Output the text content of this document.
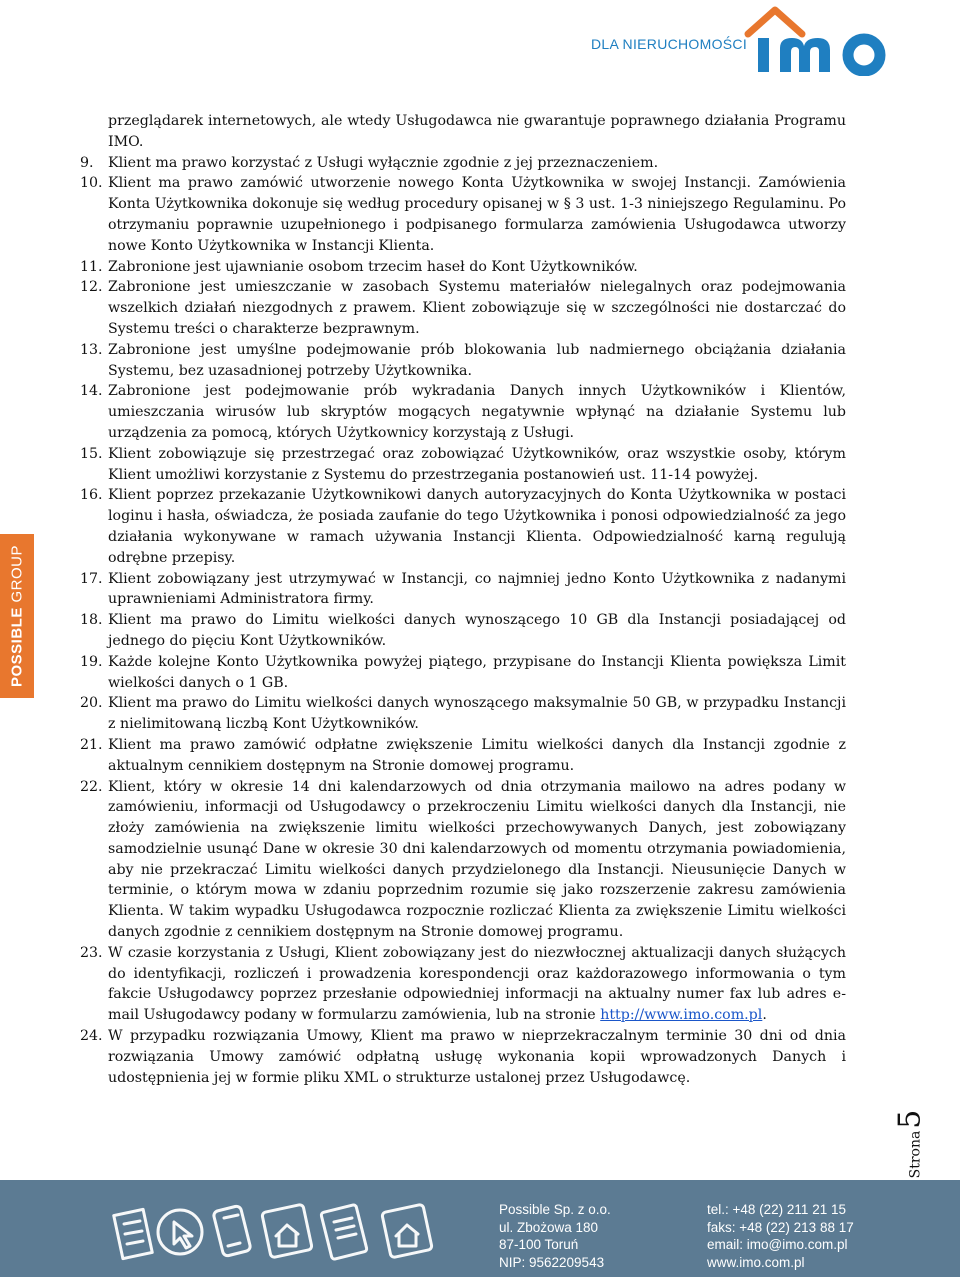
DLA NIERUCHOMOŚCI
POSSIBLE GROUP

przeglądarek internetowych, ale wtedy Usługodawca nie gwarantuje poprawnego działania Programu IMO.

9.	Klient ma prawo korzystać z Usługi wyłącznie zgodnie z jej przeznaczeniem.

10. Klient ma prawo zamówić utworzenie nowego Konta Użytkownika w swojej Instancji. Zamówienia Konta Użytkownika dokonuje się według procedury opisanej w § 3 ust. 1-3 niniejszego Regulaminu. Po otrzymaniu poprawnie uzupełnionego i podpisanego formularza zamówienia Usługodawca utworzy nowe Konto Użytkownika w Instancji Klienta.

11. Zabronione jest ujawnianie osobom trzecim haseł do Kont Użytkowników.

12. Zabronione jest umieszczanie w zasobach Systemu materiałów nielegalnych oraz podejmowania wszelkich działań niezgodnych z prawem. Klient zobowiązuje się w szczególności nie dostarczać do Systemu treści o charakterze bezprawnym.

13. Zabronione jest umyślne podejmowanie prób blokowania lub nadmiernego obciążania działania Systemu, bez uzasadnionej potrzeby Użytkownika.

14. Zabronione jest podejmowanie prób wykradania Danych innych Użytkowników i Klientów, umieszczania wirusów lub skryptów mogących negatywnie wpłynąć na działanie Systemu lub urządzenia za pomocą, których Użytkownicy korzystają z Usługi.

15. Klient zobowiązuje się przestrzegać oraz zobowiązać Użytkowników, oraz wszystkie osoby, którym Klient umożliwi korzystanie z Systemu do przestrzegania postanowień ust. 11-14 powyżej.

16. Klient poprzez przekazanie Użytkownikowi danych autoryzacyjnych do Konta Użytkownika w postaci loginu i hasła, oświadcza, że posiada zaufanie do tego Użytkownika i ponosi odpowiedzialność za jego działania wykonywane w ramach używania Instancji Klienta. Odpowiedzialność karną regulują odrębne przepisy.

17. Klient zobowiązany jest utrzymywać w Instancji, co najmniej jedno Konto Użytkownika z nadanymi uprawnieniami Administratora firmy.

18. Klient ma prawo do Limitu wielkości danych wynoszącego 10 GB dla Instancji posiadającej od jednego do pięciu Kont Użytkowników.

19. Każde kolejne Konto Użytkownika powyżej piątego, przypisane do Instancji Klienta powiększa Limit wielkości danych o 1 GB.

20. Klient ma prawo do Limitu wielkości danych wynoszącego maksymalnie 50 GB, w przypadku Instancji z nielimitowaną liczbą Kont Użytkowników.

21. Klient ma prawo zamówić odpłatne zwiększenie Limitu wielkości danych dla Instancji zgodnie z aktualnym cennikiem dostępnym na Stronie domowej programu.

22. Klient, który w okresie 14 dni kalendarzowych od dnia otrzymania mailowo na adres podany w zamówieniu, informacji od Usługodawcy o przekroczeniu Limitu wielkości danych dla Instancji, nie złoży zamówienia na zwiększenie limitu wielkości przechowywanych Danych, jest zobowiązany samodzielnie usunąć Dane w okresie 30 dni kalendarzowych od momentu otrzymania powiadomienia, aby nie przekraczać Limitu wielkości danych przydzielonego dla Instancji. Nieusunięcie Danych w terminie, o którym mowa w zdaniu poprzednim rozumie się jako rozszerzenie zakresu zamówienia Klienta. W takim wypadku Usługodawca rozpocznie rozliczać Klienta za zwiększenie Limitu wielkości danych zgodnie z cennikiem dostępnym na Stronie domowej programu.

23. W czasie korzystania z Usługi, Klient zobowiązany jest do niezwłocznej aktualizacji danych służących do identyfikacji, rozliczeń i prowadzenia korespondencji oraz każdorazowego informowania o tym fakcie Usługodawcy poprzez przesłanie odpowiedniej informacji na aktualny numer fax lub adres e-mail Usługodawcy podany w formularzu zamówienia, lub na stronie http://www.imo.com.pl.

24. W przypadku rozwiązania Umowy, Klient ma prawo w nieprzekraczalnym terminie 30 dni od dnia rozwiązania Umowy zamówić odpłatną usługę wykonania kopii wprowadzonych Danych i udostępnienia jej w formie pliku XML o strukturze ustalonej przez Usługodawcę.

Strona5
Possible Sp. z o.o.
ul. Zbożowa 180
87-100 Toruń
NIP: 9562209543
tel.: +48 (22) 211 21 15
faks: +48 (22) 213 88 17
email: imo@imo.com.pl
www.imo.com.pl
